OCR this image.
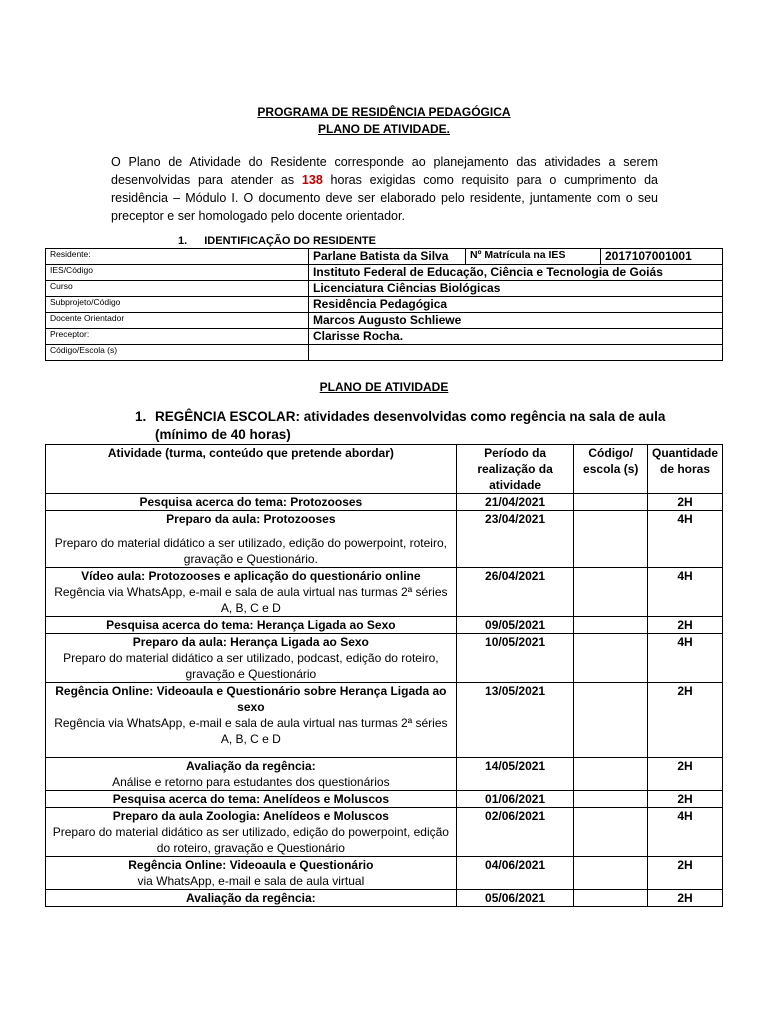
PROGRAMA DE RESIDÊNCIA PEDAGÓGICA
PLANO DE ATIVIDADE.
O Plano de Atividade do Residente corresponde ao planejamento das atividades a serem desenvolvidas para atender as 138 horas exigidas como requisito para o cumprimento da residência – Módulo I. O documento deve ser elaborado pelo residente, juntamente com o seu preceptor e ser homologado pelo docente orientador.
1. IDENTIFICAÇÃO DO RESIDENTE
Residente:	Parlane Batista da Silva	Nº Matrícula na IES	2017107001001
IES/Código	Instituto Federal de Educação, Ciência e Tecnologia de Goiás		
Curso	Licenciatura Ciências Biológicas		
Subprojeto/Código	Residência Pedagógica		
Docente Orientador	Marcos Augusto Schliewe		
Preceptor:	Clarisse Rocha.		
Código/Escola (s)			
PLANO DE ATIVIDADE
1. REGÊNCIA ESCOLAR: atividades desenvolvidas como regência na sala de aula (mínimo de 40 horas)
Atividade (turma, conteúdo que pretende abordar)	Período da realização da atividade	Código/ escola (s)	Quantidade de horas

Pesquisa acerca do tema: Protozooses	21/04/2021		2H

Preparo da aula: Protozooses
Preparo do material didático a ser utilizado, edição do powerpoint, roteiro, gravação e Questionário.	23/04/2021		4H

Vídeo aula: Protozooses e aplicação do questionário online
Regência via WhatsApp, e-mail e sala de aula virtual nas turmas 2ª séries A, B, C e D	26/04/2021		4H

Pesquisa acerca do tema: Herança Ligada ao Sexo	09/05/2021		2H

Preparo da aula: Herança Ligada ao Sexo
Preparo do material didático a ser utilizado, podcast, edição do roteiro, gravação e Questionário	10/05/2021		4H

Regência Online: Videoaula e Questionário sobre Herança Ligada ao sexo
Regência via WhatsApp, e-mail e sala de aula virtual nas turmas 2ª séries A, B, C e D	13/05/2021		2H

Avaliação da regência:
Análise e retorno para estudantes dos questionários	14/05/2021		2H

Pesquisa acerca do tema: Anelídeos e Moluscos	01/06/2021		2H

Preparo da aula Zoologia: Anelídeos e Moluscos
Preparo do material didático as ser utilizado, edição do powerpoint, edição do roteiro, gravação e Questionário	02/06/2021		4H

Regência Online: Videoaula e Questionário
via WhatsApp, e-mail e sala de aula virtual	04/06/2021		2H

Avaliação da regência:	05/06/2021		2H
